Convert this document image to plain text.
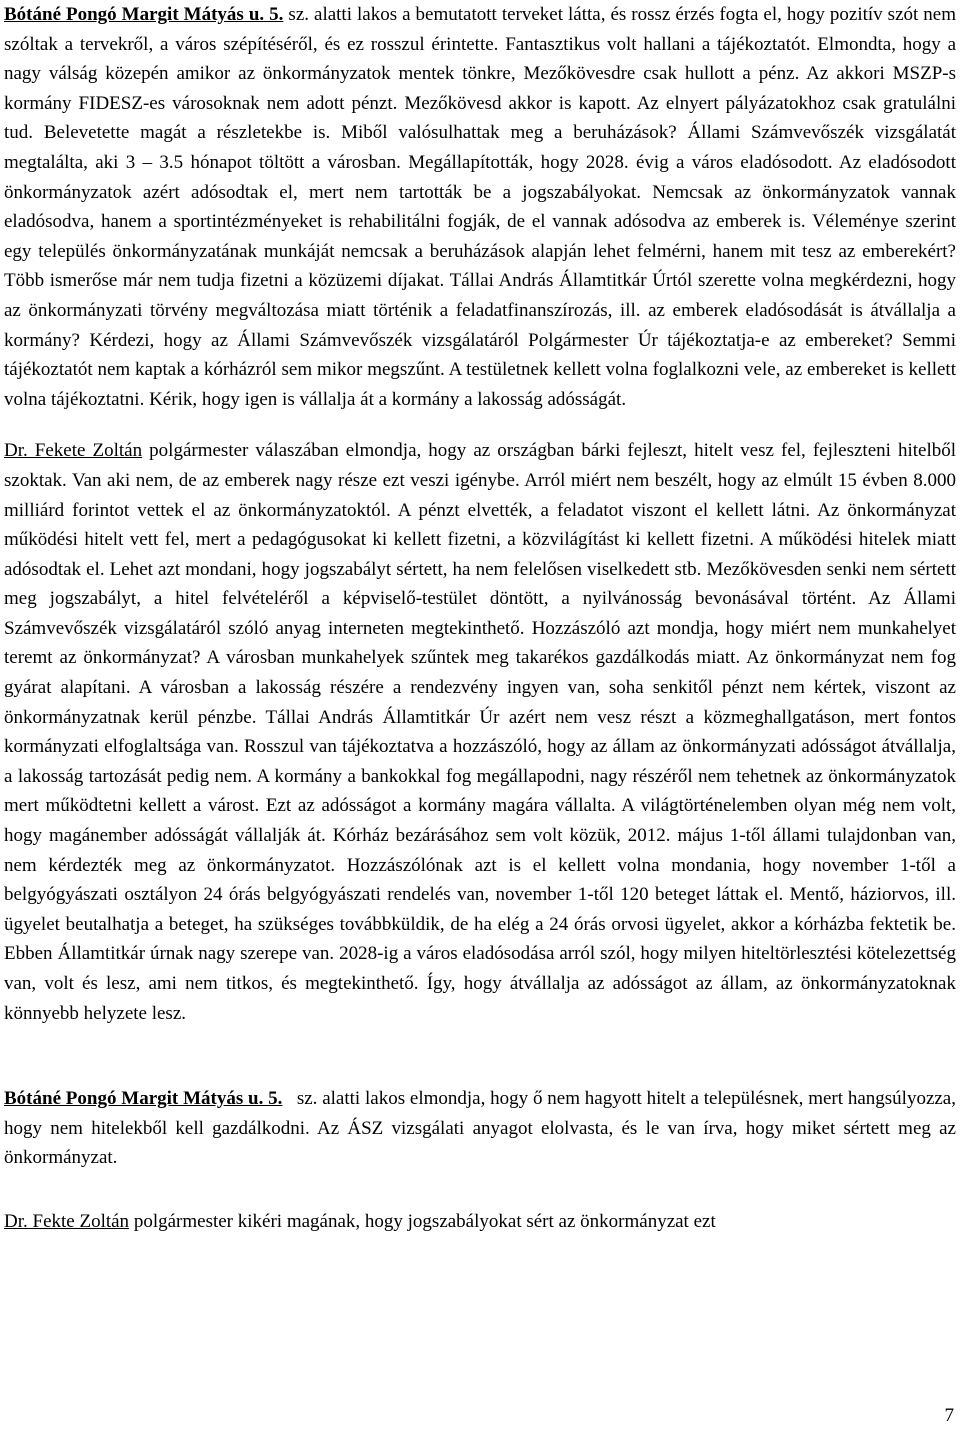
Bótáné Pongó Margit Mátyás u. 5. sz. alatti lakos a bemutatott terveket látta, és rossz érzés fogta el, hogy pozitív szót nem szóltak a tervekről, a város szépítéséről, és ez rosszul érintette. Fantasztikus volt hallani a tájékoztatót. Elmondta, hogy a nagy válság közepén amikor az önkormányzatok mentek tönkre, Mezőkövesdre csak hullott a pénz. Az akkori MSZP-s kormány FIDESZ-es városoknak nem adott pénzt. Mezőkövesd akkor is kapott. Az elnyert pályázatokhoz csak gratulálni tud. Belevetette magát a részletekbe is. Miből valósulhattak meg a beruházások? Állami Számvevőszék vizsgálatát megtalálta, aki 3 – 3.5 hónapot töltött a városban. Megállapították, hogy 2028. évig a város eladósodott. Az eladósodott önkormányzatok azért adósodtak el, mert nem tartották be a jogszabályokat. Nemcsak az önkormányzatok vannak eladósodva, hanem a sportintézményeket is rehabilitálni fogják, de el vannak adósodva az emberek is. Véleménye szerint egy település önkormányzatának munkáját nemcsak a beruházások alapján lehet felmérni, hanem mit tesz az emberekért? Több ismerőse már nem tudja fizetni a közüzemi díjakat. Tállai András Államtitkár Úrtól szerette volna megkérdezni, hogy az önkormányzati törvény megváltozása miatt történik a feladatfinanszírozás, ill. az emberek eladósodását is átvállalja a kormány? Kérdezi, hogy az Állami Számvevőszék vizsgálatáról Polgármester Úr tájékoztatja-e az embereket? Semmi tájékoztatót nem kaptak a kórházról sem mikor megszűnt. A testületnek kellett volna foglalkozni vele, az embereket is kellett volna tájékoztatni. Kérik, hogy igen is vállalja át a kormány a lakosság adósságát.

Dr. Fekete Zoltán polgármester válaszában elmondja, hogy az országban bárki fejleszt, hitelt vesz fel, fejleszteni hitelből szoktak. Van aki nem, de az emberek nagy része ezt veszi igénybe. Arról miért nem beszélt, hogy az elmúlt 15 évben 8.000 milliárd forintot vettek el az önkormányzatoktól. A pénzt elvették, a feladatot viszont el kellett látni. Az önkormányzat működési hitelt vett fel, mert a pedagógusokat ki kellett fizetni, a közvilágítást ki kellett fizetni. A működési hitelek miatt adósodtak el. Lehet azt mondani, hogy jogszabályt sértett, ha nem felelősen viselkedett stb. Mezőkövesden senki nem sértett meg jogszabályt, a hitel felvételéről a képviselő-testület döntött, a nyilvánosság bevonásával történt. Az Állami Számvevőszék vizsgálatáról szóló anyag interneten megtekinthető. Hozzászóló azt mondja, hogy miért nem munkahelyet teremt az önkormányzat? A városban munkahelyek szűntek meg takarékos gazdálkodás miatt. Az önkormányzat nem fog gyárat alapítani. A városban a lakosság részére a rendezvény ingyen van, soha senkitől pénzt nem kértek, viszont az önkormányzatnak kerül pénzbe. Tállai András Államtitkár Úr azért nem vesz részt a közmeghallgatáson, mert fontos kormányzati elfoglaltsága van. Rosszul van tájékoztatva a hozzászóló, hogy az állam az önkormányzati adósságot átvállalja, a lakosság tartozását pedig nem. A kormány a bankokkal fog megállapodni, nagy részéről nem tehetnek az önkormányzatok mert működtetni kellett a várost. Ezt az adósságot a kormány magára vállalta. A világtörténelemben olyan még nem volt, hogy magánember adósságát vállalják át. Kórház bezárásához sem volt közük, 2012. május 1-től állami tulajdonban van, nem kérdezték meg az önkormányzatot. Hozzászólónak azt is el kellett volna mondania, hogy november 1-től a belgyógyászati osztályon 24 órás belgyógyászati rendelés van, november 1-től 120 beteget láttak el. Mentő, háziorvos, ill. ügyelet beutalhatja a beteget, ha szükséges továbbküldik, de ha elég a 24 órás orvosi ügyelet, akkor a kórházba fektetik be. Ebben Államtitkár úrnak nagy szerepe van. 2028-ig a város eladósodása arról szól, hogy milyen hiteltörlesztési kötelezettség van, volt és lesz, ami nem titkos, és megtekinthető. Így, hogy átvállalja az adósságot az állam, az önkormányzatoknak könnyebb helyzete lesz.

Bótáné Pongó Margit Mátyás u. 5. sz. alatti lakos elmondja, hogy ő nem hagyott hitelt a településnek, mert hangsúlyozza, hogy nem hitelekből kell gazdálkodni. Az ÁSZ vizsgálati anyagot elolvasta, és le van írva, hogy miket sértett meg az önkormányzat.

Dr. Fekte Zoltán polgármester kikéri magának, hogy jogszabályokat sért az önkormányzat ezt

7
